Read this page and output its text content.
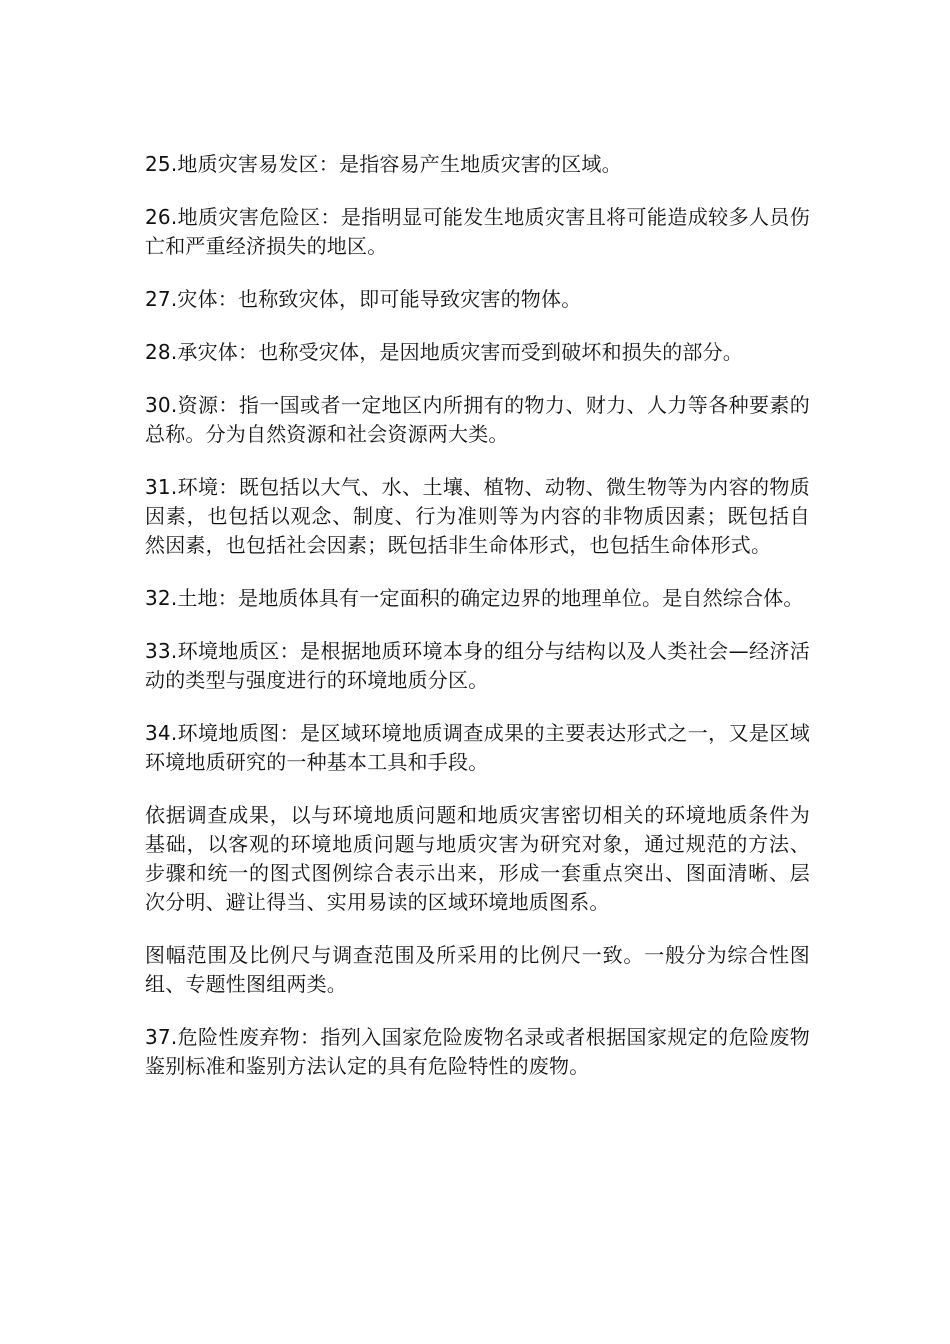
25.地质灾害易发区：是指容易产生地质灾害的区域。

26.地质灾害危险区：是指明显可能发生地质灾害且将可能造成较多人员伤亡和严重经济损失的地区。

27.灾体：也称致灾体，即可能导致灾害的物体。

28.承灾体：也称受灾体，是因地质灾害而受到破坏和损失的部分。

30.资源：指一国或者一定地区内所拥有的物力、财力、人力等各种要素的总称。分为自然资源和社会资源两大类。

31.环境：既包括以大气、水、土壤、植物、动物、微生物等为内容的物质因素，也包括以观念、制度、行为准则等为内容的非物质因素；既包括自然因素，也包括社会因素；既包括非生命体形式，也包括生命体形式。

32.土地：是地质体具有一定面积的确定边界的地理单位。是自然综合体。

33.环境地质区：是根据地质环境本身的组分与结构以及人类社会—经济活动的类型与强度进行的环境地质分区。

34.环境地质图：是区域环境地质调查成果的主要表达形式之一，又是区域环境地质研究的一种基本工具和手段。

依据调查成果，以与环境地质问题和地质灾害密切相关的环境地质条件为基础，以客观的环境地质问题与地质灾害为研究对象，通过规范的方法、步骤和统一的图式图例综合表示出来，形成一套重点突出、图面清晰、层次分明、避让得当、实用易读的区域环境地质图系。

图幅范围及比例尺与调查范围及所采用的比例尺一致。一般分为综合性图组、专题性图组两类。

37.危险性废弃物：指列入国家危险废物名录或者根据国家规定的危险废物鉴别标准和鉴别方法认定的具有危险特性的废物。
